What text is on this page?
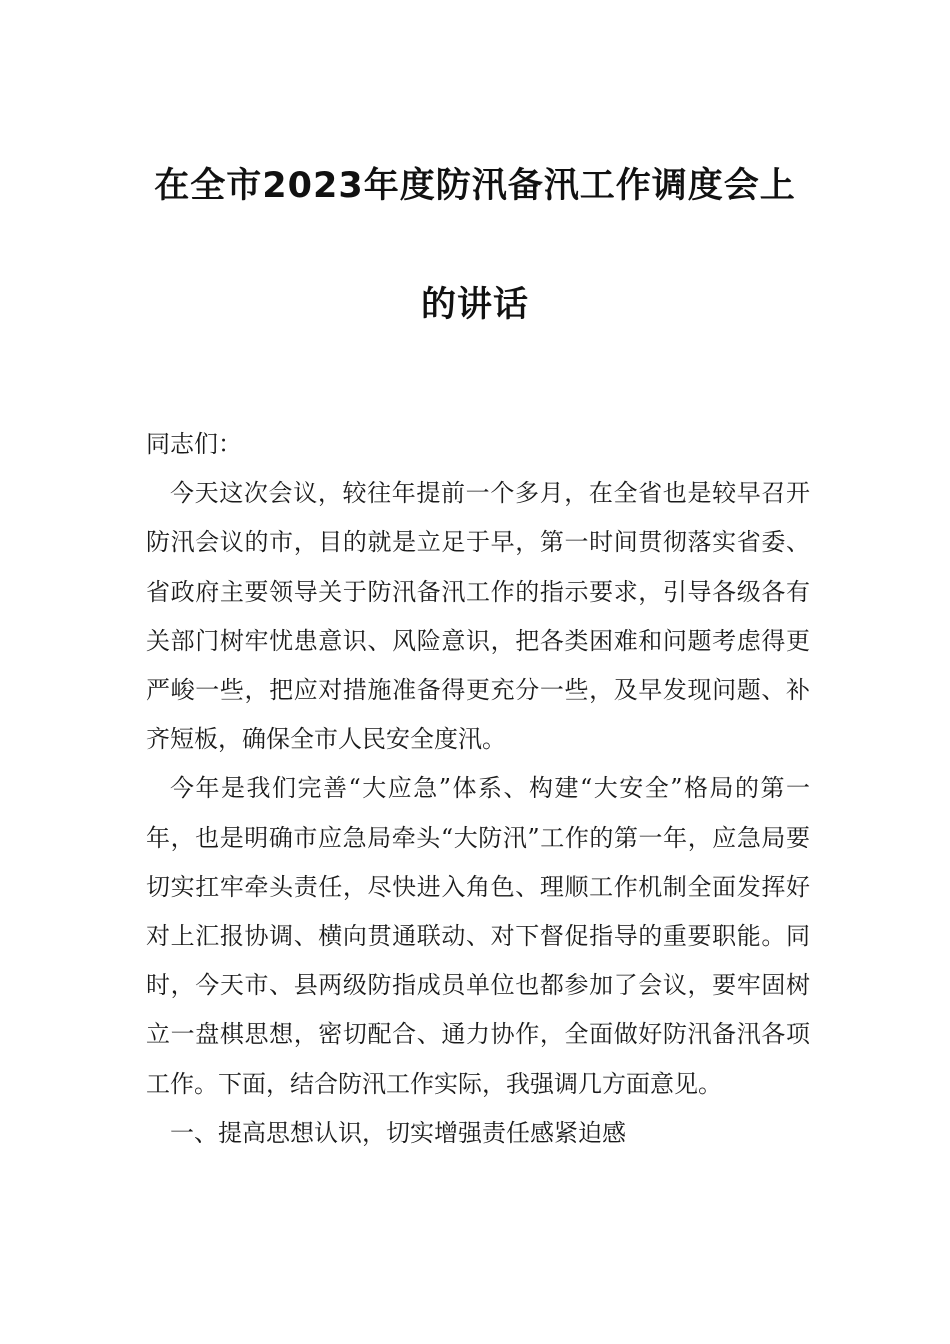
在全市2023年度防汛备汛工作调度会上
的讲话

同志们：

今天这次会议，较往年提前一个多月，在全省也是较早召开防汛会议的市，目的就是立足于早，第一时间贯彻落实省委、省政府主要领导关于防汛备汛工作的指示要求，引导各级各有关部门树牢忧患意识、风险意识，把各类困难和问题考虑得更严峻一些，把应对措施准备得更充分一些，及早发现问题、补齐短板，确保全市人民安全度汛。

今年是我们完善“大应急”体系、构建“大安全”格局的第一年，也是明确市应急局牵头“大防汛”工作的第一年，应急局要切实扛牢牵头责任，尽快进入角色、理顺工作机制全面发挥好对上汇报协调、横向贯通联动、对下督促指导的重要职能。同时，今天市、县两级防指成员单位也都参加了会议，要牢固树立一盘棋思想，密切配合、通力协作，全面做好防汛备汛各项工作。下面，结合防汛工作实际，我强调几方面意见。

一、提高思想认识，切实增强责任感紧迫感
